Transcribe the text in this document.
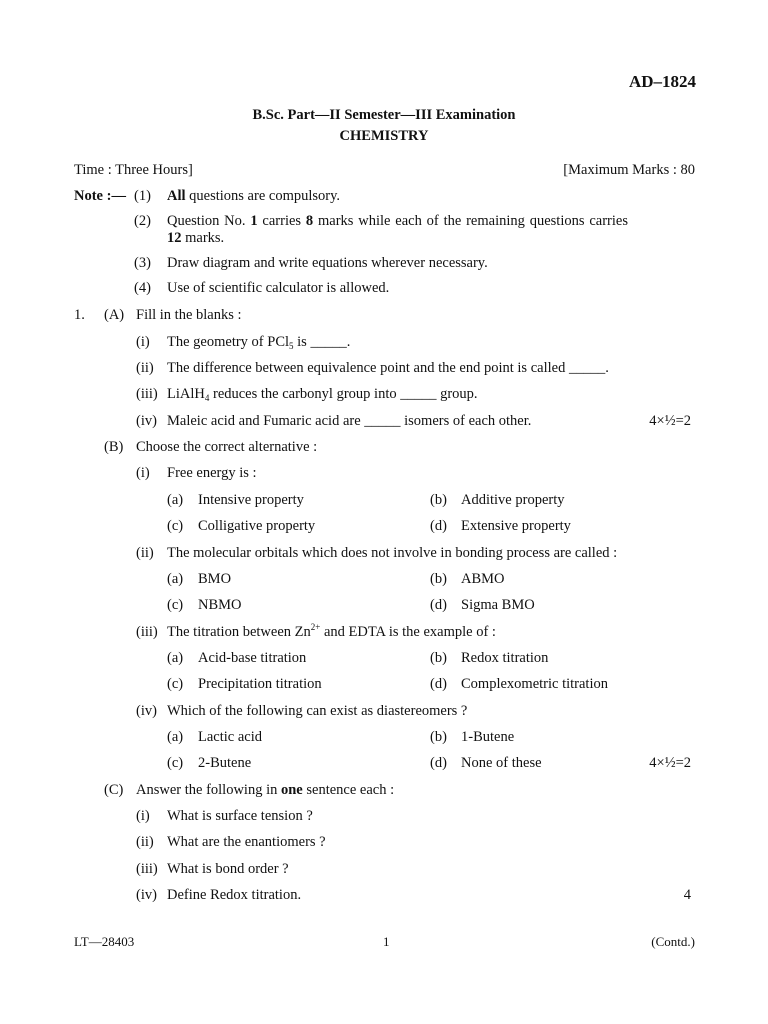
AD–1824
B.Sc. Part—II Semester—III Examination
CHEMISTRY
Time : Three Hours]	[Maximum Marks : 80
Note :— (1) All questions are compulsory.
(2) Question No. 1 carries 8 marks while each of the remaining questions carries
12 marks.
(3) Draw diagram and write equations wherever necessary.
(4) Use of scientific calculator is allowed.
1. (A) Fill in the blanks :
(i) The geometry of PCl$_5$ is _____.
(ii) The difference between equivalence point and the end point is called _____.
(iii) LiAlH$_4$ reduces the carbonyl group into _____ group.
(iv) Maleic acid and Fumaric acid are _____ isomers of each other.	4×½=2
(B) Choose the correct alternative :
(i) Free energy is :
(a) Intensive property	(b) Additive property
(c) Colligative property	(d) Extensive property
(ii) The molecular orbitals which does not involve in bonding process are called :
(a) BMO	(b) ABMO
(c) NBMO	(d) Sigma BMO
(iii) The titration between $Zn^{2+}$ and EDTA is the example of :
(a) Acid-base titration	(b) Redox titration
(c) Precipitation titration	(d) Complexometric titration
(iv) Which of the following can exist as diastereomers ?
(a) Lactic acid	(b) 1-Butene
(c) 2-Butene	(d) None of these	4×½=2
(C) Answer the following in one sentence each :
(i) What is surface tension ?
(ii) What are the enantiomers ?
(iii) What is bond order ?
(iv) Define Redox titration.	4
LT—28403	1	(Contd.)
